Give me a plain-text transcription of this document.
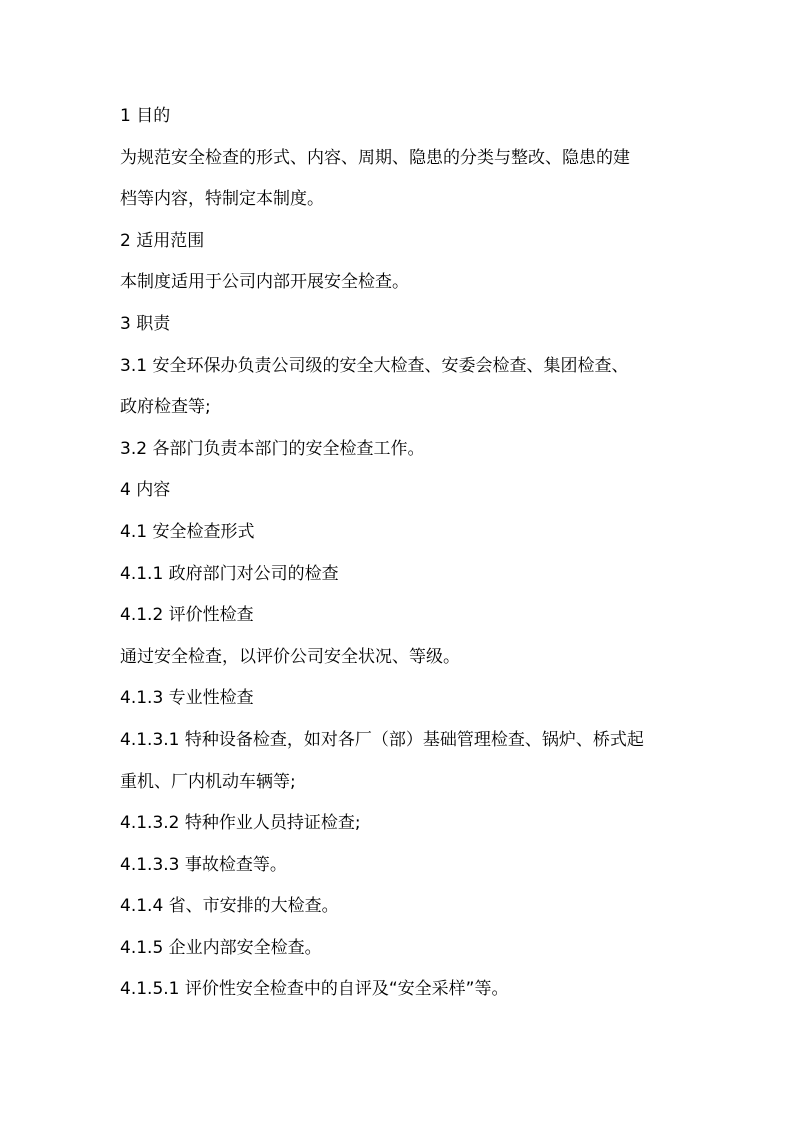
1 目的
为规范安全检查的形式、内容、周期、隐患的分类与整改、隐患的建
档等内容，特制定本制度。
2 适用范围
本制度适用于公司内部开展安全检查。
3 职责
3.1 安全环保办负责公司级的安全大检查、安委会检查、集团检查、
政府检查等;
3.2 各部门负责本部门的安全检查工作。
4 内容
4.1 安全检查形式
4.1.1 政府部门对公司的检查
4.1.2 评价性检查
通过安全检查，以评价公司安全状况、等级。
4.1.3 专业性检查
4.1.3.1 特种设备检查，如对各厂（部）基础管理检查、锅炉、桥式起
重机、厂内机动车辆等;
4.1.3.2 特种作业人员持证检查;
4.1.3.3 事故检查等。
4.1.4 省、市安排的大检查。
4.1.5 企业内部安全检查。
4.1.5.1 评价性安全检查中的自评及“安全采样”等。
